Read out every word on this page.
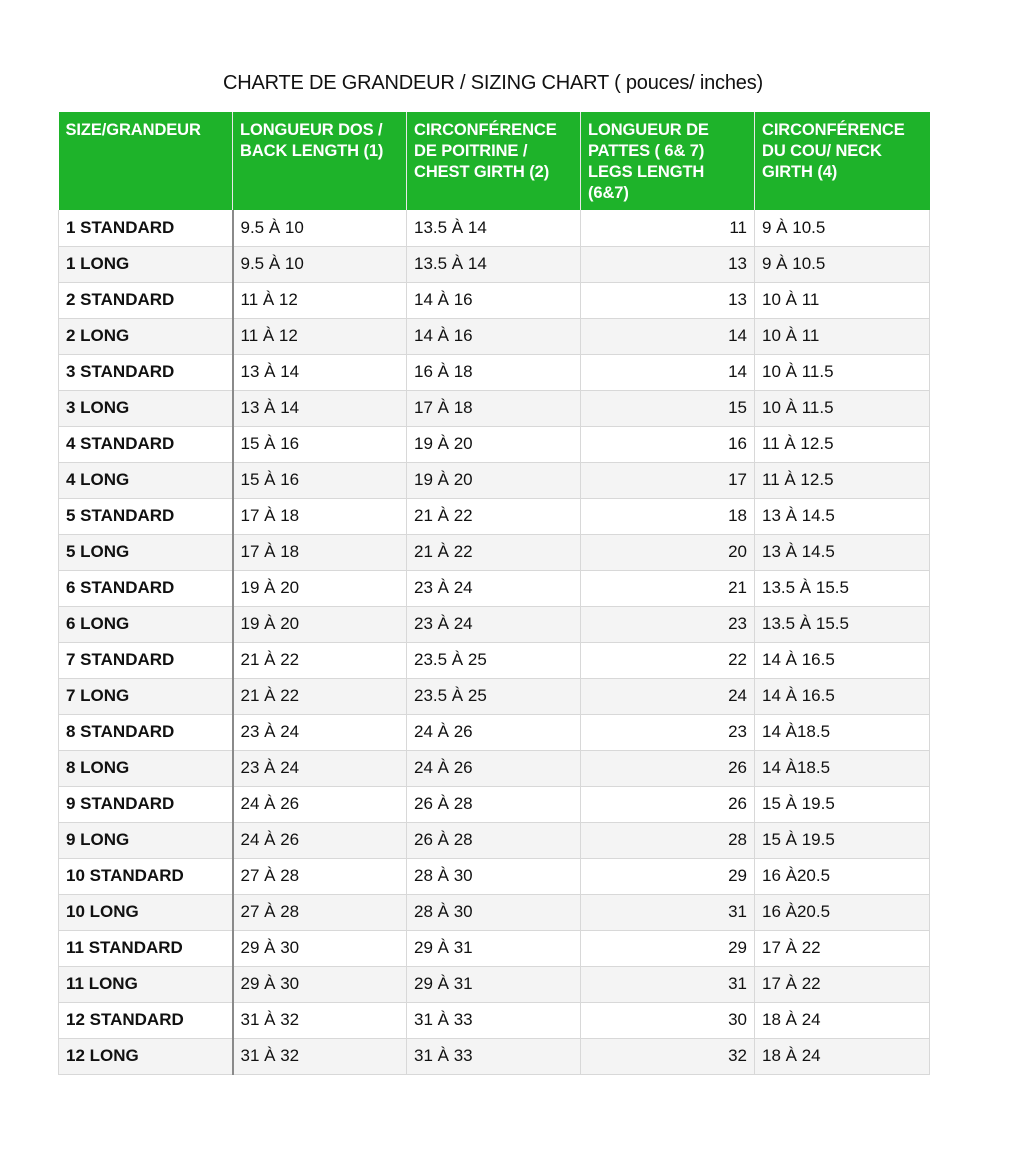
CHARTE DE GRANDEUR / SIZING CHART ( pouces/ inches)
SIZE/GRANDEUR	LONGUEUR DOS / BACK LENGTH (1)	CIRCONFÉRENCE DE POITRINE / CHEST GIRTH (2)	LONGUEUR DE PATTES ( 6& 7) LEGS LENGTH (6&7)	CIRCONFÉRENCE DU COU/ NECK GIRTH (4)
1 STANDARD	9.5 À 10	13.5 À 14	11	9 À 10.5
1 LONG	9.5 À 10	13.5 À 14	13	9 À 10.5
2 STANDARD	11 À 12	14 À 16	13	10 À 11
2 LONG	11 À 12	14 À 16	14	10 À 11
3 STANDARD	13 À 14	16 À 18	14	10 À 11.5
3 LONG	13 À 14	17 À 18	15	10 À 11.5
4 STANDARD	15 À 16	19 À 20	16	11 À 12.5
4 LONG	15 À 16	19 À 20	17	11 À 12.5
5 STANDARD	17 À 18	21 À 22	18	13 À 14.5
5 LONG	17 À 18	21 À 22	20	13 À 14.5
6 STANDARD	19 À 20	23 À 24	21	13.5 À 15.5
6 LONG	19 À 20	23 À 24	23	13.5 À 15.5
7 STANDARD	21 À 22	23.5 À 25	22	14 À 16.5
7 LONG	21 À 22	23.5 À 25	24	14 À 16.5
8 STANDARD	23 À 24	24 À 26	23	14 À18.5
8 LONG	23 À 24	24 À 26	26	14 À18.5
9 STANDARD	24 À 26	26 À 28	26	15 À 19.5
9 LONG	24 À 26	26 À 28	28	15 À 19.5
10 STANDARD	27 À 28	28 À 30	29	16 À20.5
10 LONG	27 À 28	28 À 30	31	16 À20.5
11 STANDARD	29 À 30	29 À 31	29	17 À 22
11 LONG	29 À 30	29 À 31	31	17 À 22
12 STANDARD	31 À 32	31 À 33	30	18 À 24
12 LONG	31 À 32	31 À 33	32	18 À 24
